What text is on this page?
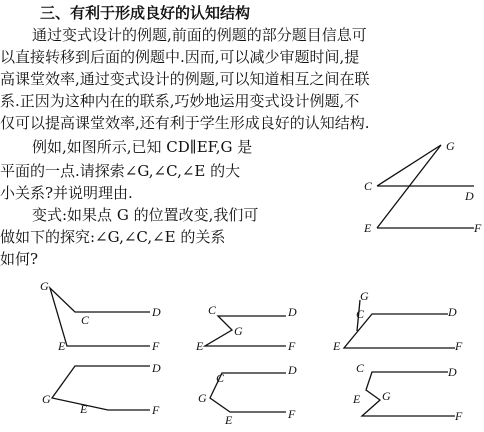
三、有利于形成良好的认知结构
通过变式设计的例题,前面的例题的部分题目信息可
以直接转移到后面的例题中.因而,可以减少审题时间,提
高课堂效率,通过变式设计的例题,可以知道相互之间在联
系.正因为这种内在的联系,巧妙地运用变式设计例题,不
仅可以提高课堂效率,还有利于学生形成良好的认知结构.
例如,如图所示,已知 CD∥EF,G 是
平面的一点.请探索∠G,∠C,∠E 的大
小关系?并说明理由.
变式:如果点 G 的位置改变,我们可
做如下的探究:∠G,∠C,∠E 的关系
如何?
G
C
D
E	F
G
C
D
E	F
C	D
G
E	F
G
C	D
E	F
D
G
E	F
C
D
G
E	F
C	D
E G
F
